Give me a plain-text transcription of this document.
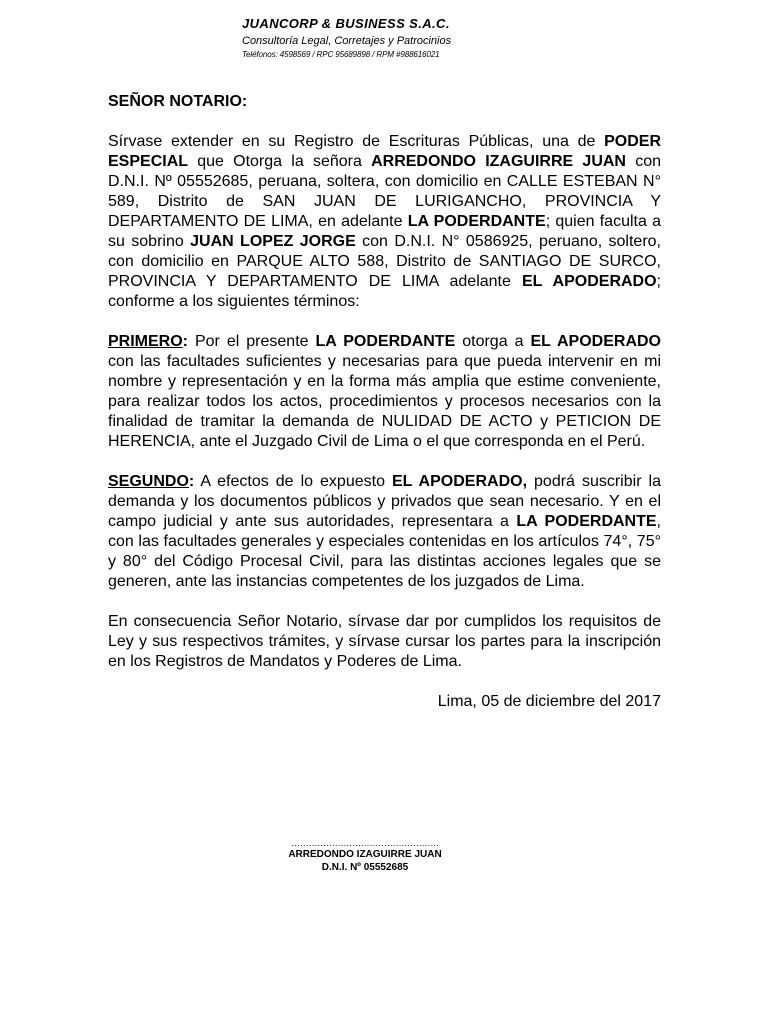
JUANCORP & BUSINESS S.A.C.
Consultoría Legal, Corretajes y Patrocinios
Teléfonos: 4598569 / RPC 95689898 / RPM #988616021

SEÑOR NOTARIO:

Sírvase extender en su Registro de Escrituras Públicas, una de PODER ESPECIAL que Otorga la señora ARREDONDO IZAGUIRRE JUAN con D.N.I. Nº 05552685, peruana, soltera, con domicilio en CALLE ESTEBAN N° 589, Distrito de SAN JUAN DE LURIGANCHO, PROVINCIA Y DEPARTAMENTO DE LIMA, en adelante LA PODERDANTE; quien faculta a su sobrino JUAN LOPEZ JORGE con D.N.I. N° 0586925, peruano, soltero, con domicilio en PARQUE ALTO 588, Distrito de SANTIAGO DE SURCO, PROVINCIA Y DEPARTAMENTO DE LIMA adelante EL APODERADO; conforme a los siguientes términos:

PRIMERO: Por el presente LA PODERDANTE otorga a EL APODERADO con las facultades suficientes y necesarias para que pueda intervenir en mi nombre y representación y en la forma más amplia que estime conveniente, para realizar todos los actos, procedimientos y procesos necesarios con la finalidad de tramitar la demanda de NULIDAD DE ACTO y PETICION DE HERENCIA, ante el Juzgado Civil de Lima o el que corresponda en el Perú.

SEGUNDO: A efectos de lo expuesto EL APODERADO, podrá suscribir la demanda y los documentos públicos y privados que sean necesario. Y en el campo judicial y ante sus autoridades, representara a LA PODERDANTE, con las facultades generales y especiales contenidas en los artículos 74°, 75° y 80° del Código Procesal Civil, para las distintas acciones legales que se generen, ante las instancias competentes de los juzgados de Lima.

En consecuencia Señor Notario, sírvase dar por cumplidos los requisitos de Ley y sus respectivos trámites, y sírvase cursar los partes para la inscripción en los Registros de Mandatos y Poderes de Lima.

Lima, 05 de diciembre del 2017

……………………………………………
ARREDONDO IZAGUIRRE JUAN
D.N.I. Nº 05552685
